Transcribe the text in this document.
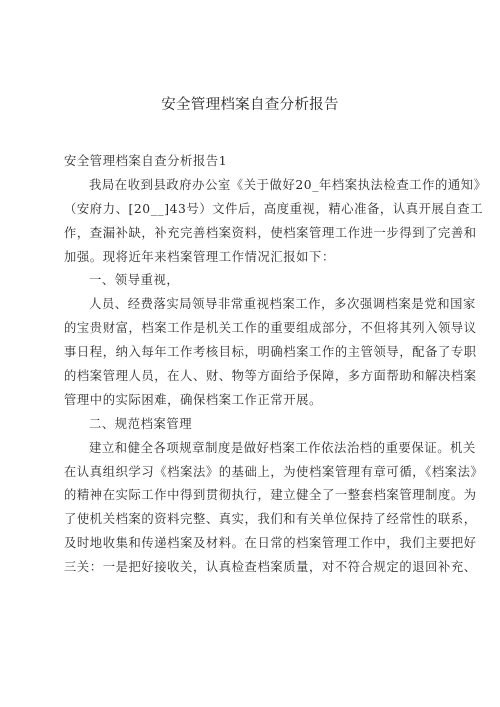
安全管理档案自查分析报告
安全管理档案自查分析报告1
我局在收到县政府办公室《关于做好20_年档案执法检查工作的通知》
（安府力、[20__]43号）文件后，高度重视，精心准备，认真开展自查工
作，查漏补缺，补充完善档案资料，使档案管理工作进一步得到了完善和
加强。现将近年来档案管理工作情况汇报如下：
一、领导重视，
人员、经费落实局领导非常重视档案工作，多次强调档案是党和国家
的宝贵财富，档案工作是机关工作的重要组成部分，不但将其列入领导议
事日程，纳入每年工作考核目标，明确档案工作的主管领导，配备了专职
的档案管理人员，在人、财、物等方面给予保障，多方面帮助和解决档案
管理中的实际困难，确保档案工作正常开展。
二、规范档案管理
建立和健全各项规章制度是做好档案工作依法治档的重要保证。机关
在认真组织学习《档案法》的基础上，为使档案管理有章可循，《档案法》
的精神在实际工作中得到贯彻执行，建立健全了一整套档案管理制度。为
了使机关档案的资料完整、真实，我们和有关单位保持了经常性的联系，
及时地收集和传递档案及材料。在日常的档案管理工作中，我们主要把好
三关：一是把好接收关，认真检查档案质量，对不符合规定的退回补充、
